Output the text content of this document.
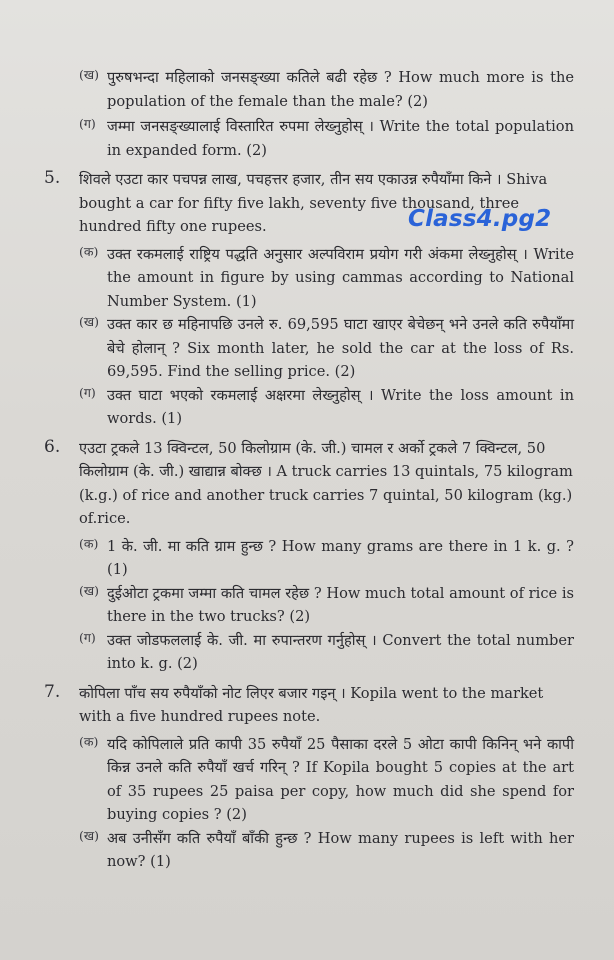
Class4.pg2
(ख) पुरुषभन्दा महिलाको जनसङ्ख्या कतिले बढी रहेछ ? How much more is the population of the female than the male? (2)
(ग) जम्मा जनसङ्ख्यालाई विस्तारित रुपमा लेख्नुहोस् । Write the total population in expanded form. (2)
5. शिवले एउटा कार पचपन्न लाख, पचहत्तर हजार, तीन सय एकाउन्न रुपैयाँमा किने । Shiva bought a car for fifty five lakh, seventy five thousand, three hundred fifty one rupees.
(क) उक्त रकमलाई राष्ट्रिय पद्धति अनुसार अल्पविराम प्रयोग गरी अंकमा लेख्नुहोस् । Write the amount in figure by using cammas according to National Number System. (1)
(ख) उक्त कार छ महिनापछि उनले रु. 69,595 घाटा खाएर बेचेछन् भने उनले कति रुपैयाँमा बेचे होलान् ? Six month later, he sold the car at the loss of Rs. 69,595. Find the selling price. (2)
(ग) उक्त घाटा भएको रकमलाई अक्षरमा लेख्नुहोस् । Write the loss amount in words. (1)
6. एउटा ट्रकले 13 क्विन्टल, 50 किलोग्राम (के. जी.) चामल र अर्को ट्रकले 7 क्विन्टल, 50 किलोग्राम (के. जी.) खाद्यान्न बोक्छ । A truck carries 13 quintals, 75 kilogram (k.g.) of rice and another truck carries 7 quintal, 50 kilogram (kg.) of.rice.
(क) 1 के. जी. मा कति ग्राम हुन्छ ? How many grams are there in 1 k. g. ? (1)
(ख) दुईओटा ट्रकमा जम्मा कति चामल रहेछ ? How much total amount of rice is there in the two trucks? (2)
(ग) उक्त जोडफललाई के. जी. मा रुपान्तरण गर्नुहोस् । Convert the total number into k. g. (2)
7. कोपिला पाँच सय रुपैयाँको नोट लिएर बजार गइन् । Kopila went to the market with a five hundred rupees note.
(क) यदि कोपिलाले प्रति कापी 35 रुपैयाँ 25 पैसाका दरले 5 ओटा कापी किनिन् भने कापी किन्न उनले कति रुपैयाँ खर्च गरिन् ? If Kopila bought 5 copies at the art of 35 rupees 25 paisa per copy, how much did she spend for buying copies ? (2)
(ख) अब उनीसँग कति रुपैयाँ बाँकी हुन्छ ? How many rupees is left with her now? (1)
